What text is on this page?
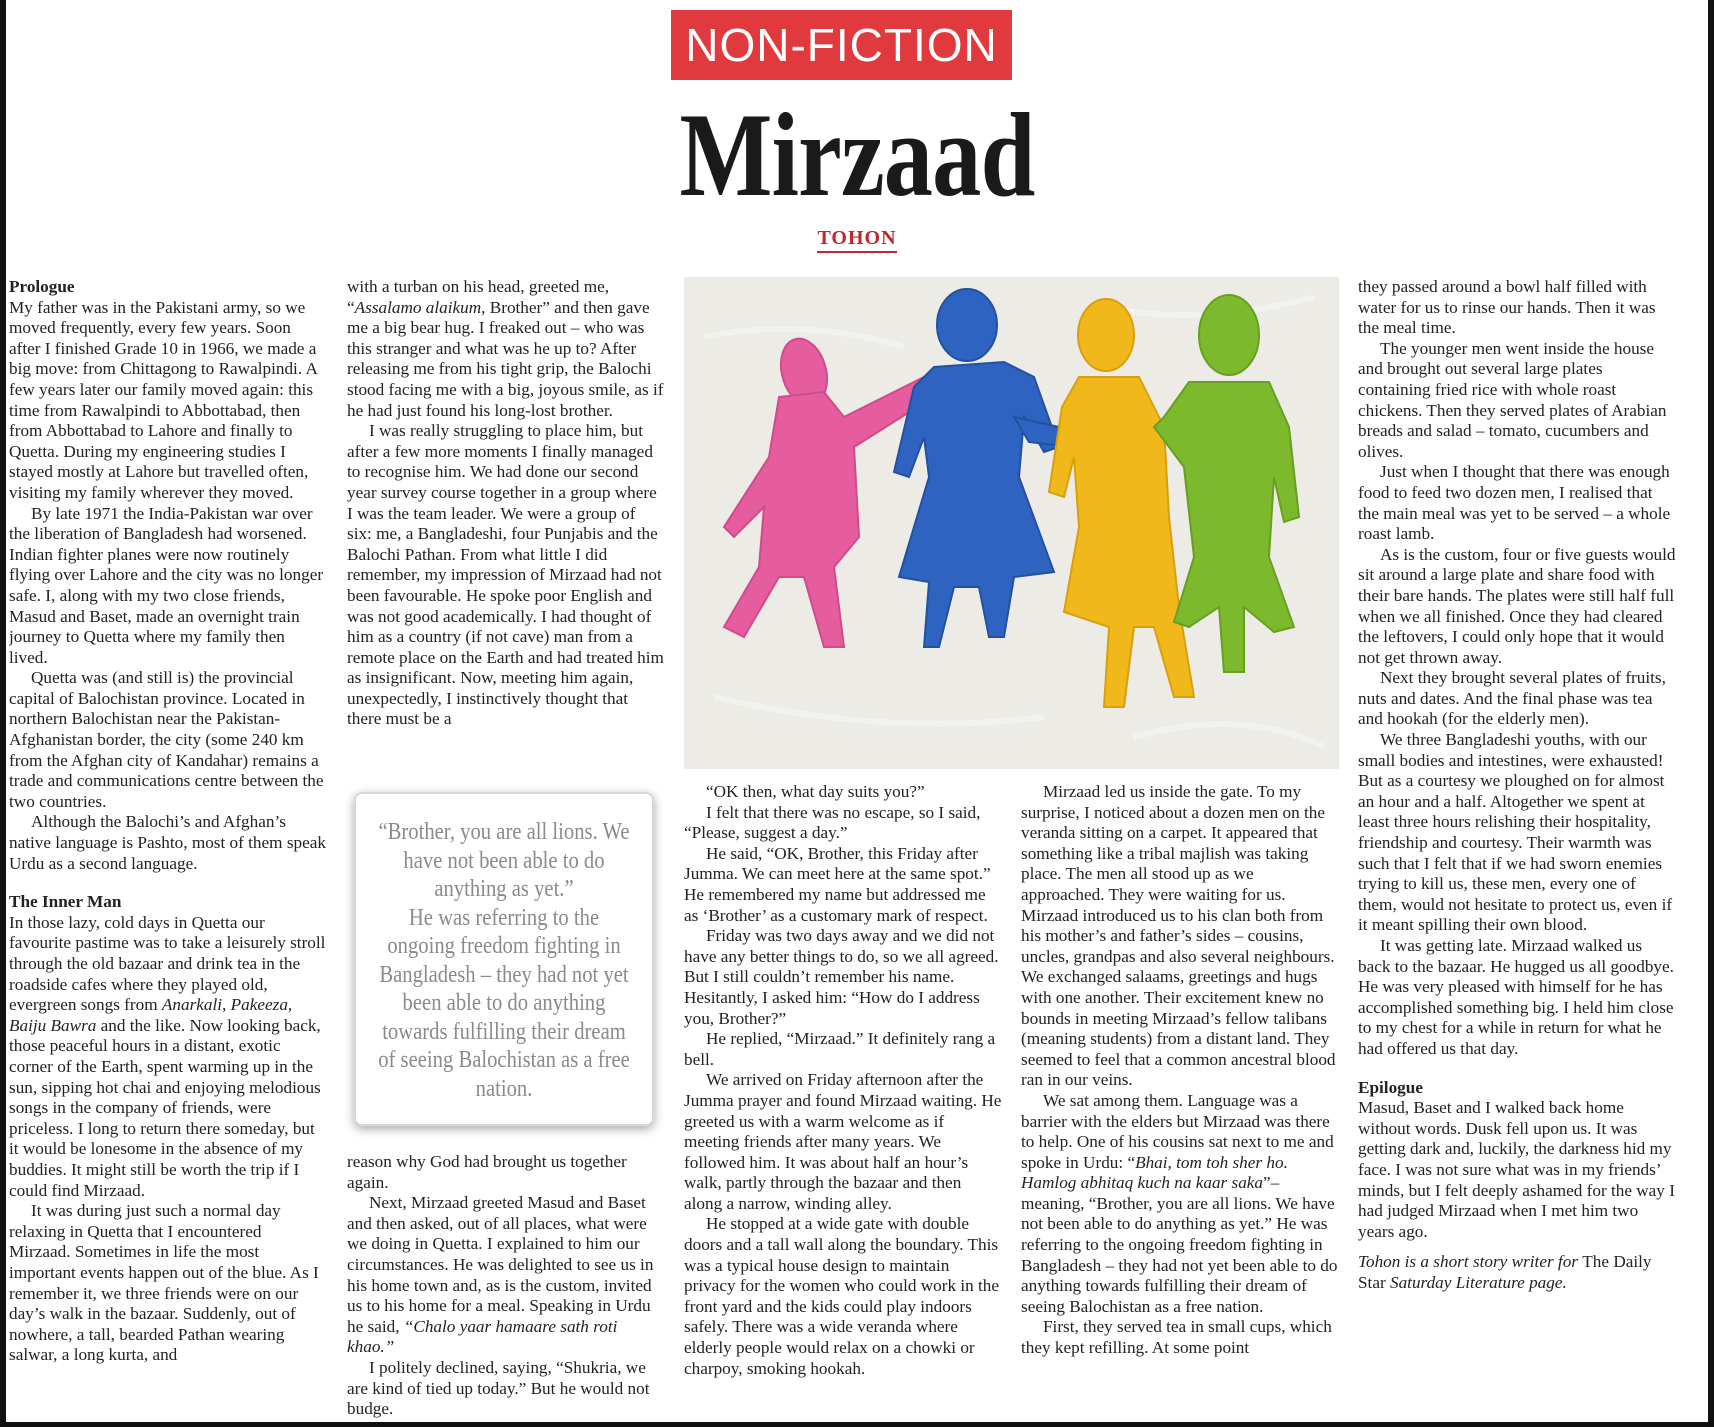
NON-FICTION
Mirzaad
TOHON

Prologue

My father was in the Pakistani army, so we moved frequently, every few years. Soon after I finished Grade 10 in 1966, we made a big move: from Chittagong to Rawalpindi. A few years later our family moved again: this time from Rawalpindi to Abbottabad, then from Abbottabad to Lahore and finally to Quetta. During my engineering studies I stayed mostly at Lahore but travelled often, visiting my family wherever they moved.

By late 1971 the India-Pakistan war over the liberation of Bangladesh had worsened. Indian fighter planes were now routinely flying over Lahore and the city was no longer safe. I, along with my two close friends, Masud and Baset, made an overnight train journey to Quetta where my family then lived.

Quetta was (and still is) the provincial capital of Balochistan province. Located in northern Balochistan near the Pakistan-Afghanistan border, the city (some 240 km from the Afghan city of Kandahar) remains a trade and communications centre between the two countries.

Although the Balochi’s and Afghan’s native language is Pashto, most of them speak Urdu as a second language.

The Inner Man

In those lazy, cold days in Quetta our favourite pastime was to take a leisurely stroll through the old bazaar and drink tea in the roadside cafes where they played old, evergreen songs from Anarkali, Pakeeza, Baiju Bawra and the like. Now looking back, those peaceful hours in a distant, exotic corner of the Earth, spent warming up in the sun, sipping hot chai and enjoying melodious songs in the company of friends, were priceless. I long to return there someday, but it would be lonesome in the absence of my buddies. It might still be worth the trip if I could find Mirzaad.

It was during just such a normal day relaxing in Quetta that I encountered Mirzaad. Sometimes in life the most important events happen out of the blue. As I remember it, we three friends were on our day’s walk in the bazaar. Suddenly, out of nowhere, a tall, bearded Pathan wearing salwar, a long kurta, and

with a turban on his head, greeted me, “Assalamo alaikum, Brother” and then gave me a big bear hug. I freaked out – who was this stranger and what was he up to? After releasing me from his tight grip, the Balochi stood facing me with a big, joyous smile, as if he had just found his long-lost brother.

I was really struggling to place him, but after a few more moments I finally managed to recognise him. We had done our second year survey course together in a group where I was the team leader. We were a group of six: me, a Bangladeshi, four Punjabis and the Balochi Pathan. From what little I did remember, my impression of Mirzaad had not been favourable. He spoke poor English and was not good academically. I had thought of him as a country (if not cave) man from a remote place on the Earth and had treated him as insignificant. Now, meeting him again, unexpectedly, I instinctively thought that there must be a

“Brother, you are all lions. We have not been able to do anything as yet.”
He was referring to the ongoing freedom fighting in Bangladesh – they had not yet been able to do anything towards fulfilling their dream of seeing Balochistan as a free nation.

reason why God had brought us together again.

Next, Mirzaad greeted Masud and Baset and then asked, out of all places, what were we doing in Quetta. I explained to him our circumstances. He was delighted to see us in his home town and, as is the custom, invited us to his home for a meal. Speaking in Urdu he said, “Chalo yaar hamaare sath roti khao.”

I politely declined, saying, “Shukria, we are kind of tied up today.” But he would not budge.

“OK then, what day suits you?”

I felt that there was no escape, so I said, “Please, suggest a day.”

He said, “OK, Brother, this Friday after Jumma. We can meet here at the same spot.” He remembered my name but addressed me as ‘Brother’ as a customary mark of respect.

Friday was two days away and we did not have any better things to do, so we all agreed. But I still couldn’t remember his name. Hesitantly, I asked him: “How do I address you, Brother?”

He replied, “Mirzaad.” It definitely rang a bell.

We arrived on Friday afternoon after the Jumma prayer and found Mirzaad waiting. He greeted us with a warm welcome as if meeting friends after many years. We followed him. It was about half an hour’s walk, partly through the bazaar and then along a narrow, winding alley.

He stopped at a wide gate with double doors and a tall wall along the boundary. This was a typical house design to maintain privacy for the women who could work in the front yard and the kids could play indoors safely. There was a wide veranda where elderly people would relax on a chowki or charpoy, smoking hookah.

Mirzaad led us inside the gate. To my surprise, I noticed about a dozen men on the veranda sitting on a carpet. It appeared that something like a tribal majlish was taking place. The men all stood up as we approached. They were waiting for us. Mirzaad introduced us to his clan both from his mother’s and father’s sides – cousins, uncles, grandpas and also several neighbours. We exchanged salaams, greetings and hugs with one another. Their excitement knew no bounds in meeting Mirzaad’s fellow talibans (meaning students) from a distant land. They seemed to feel that a common ancestral blood ran in our veins.

We sat among them. Language was a barrier with the elders but Mirzaad was there to help. One of his cousins sat next to me and spoke in Urdu: “Bhai, tom toh sher ho. Hamlog abhitaq kuch na kaar saka”– meaning, “Brother, you are all lions. We have not been able to do anything as yet.” He was referring to the ongoing freedom fighting in Bangladesh – they had not yet been able to do anything towards fulfilling their dream of seeing Balochistan as a free nation.

First, they served tea in small cups, which they kept refilling. At some point

they passed around a bowl half filled with water for us to rinse our hands. Then it was the meal time.

The younger men went inside the house and brought out several large plates containing fried rice with whole roast chickens. Then they served plates of Arabian breads and salad – tomato, cucumbers and olives.

Just when I thought that there was enough food to feed two dozen men, I realised that the main meal was yet to be served – a whole roast lamb.

As is the custom, four or five guests would sit around a large plate and share food with their bare hands. The plates were still half full when we all finished. Once they had cleared the leftovers, I could only hope that it would not get thrown away.

Next they brought several plates of fruits, nuts and dates. And the final phase was tea and hookah (for the elderly men).

We three Bangladeshi youths, with our small bodies and intestines, were exhausted! But as a courtesy we ploughed on for almost an hour and a half. Altogether we spent at least three hours relishing their hospitality, friendship and courtesy. Their warmth was such that I felt that if we had sworn enemies trying to kill us, these men, every one of them, would not hesitate to protect us, even if it meant spilling their own blood.

It was getting late. Mirzaad walked us back to the bazaar. He hugged us all goodbye. He was very pleased with himself for he has accomplished something big. I held him close to my chest for a while in return for what he had offered us that day.

Epilogue

Masud, Baset and I walked back home without words. Dusk fell upon us. It was getting dark and, luckily, the darkness hid my face. I was not sure what was in my friends’ minds, but I felt deeply ashamed for the way I had judged Mirzaad when I met him two years ago.

Tohon is a short story writer for The Daily Star Saturday Literature page.
